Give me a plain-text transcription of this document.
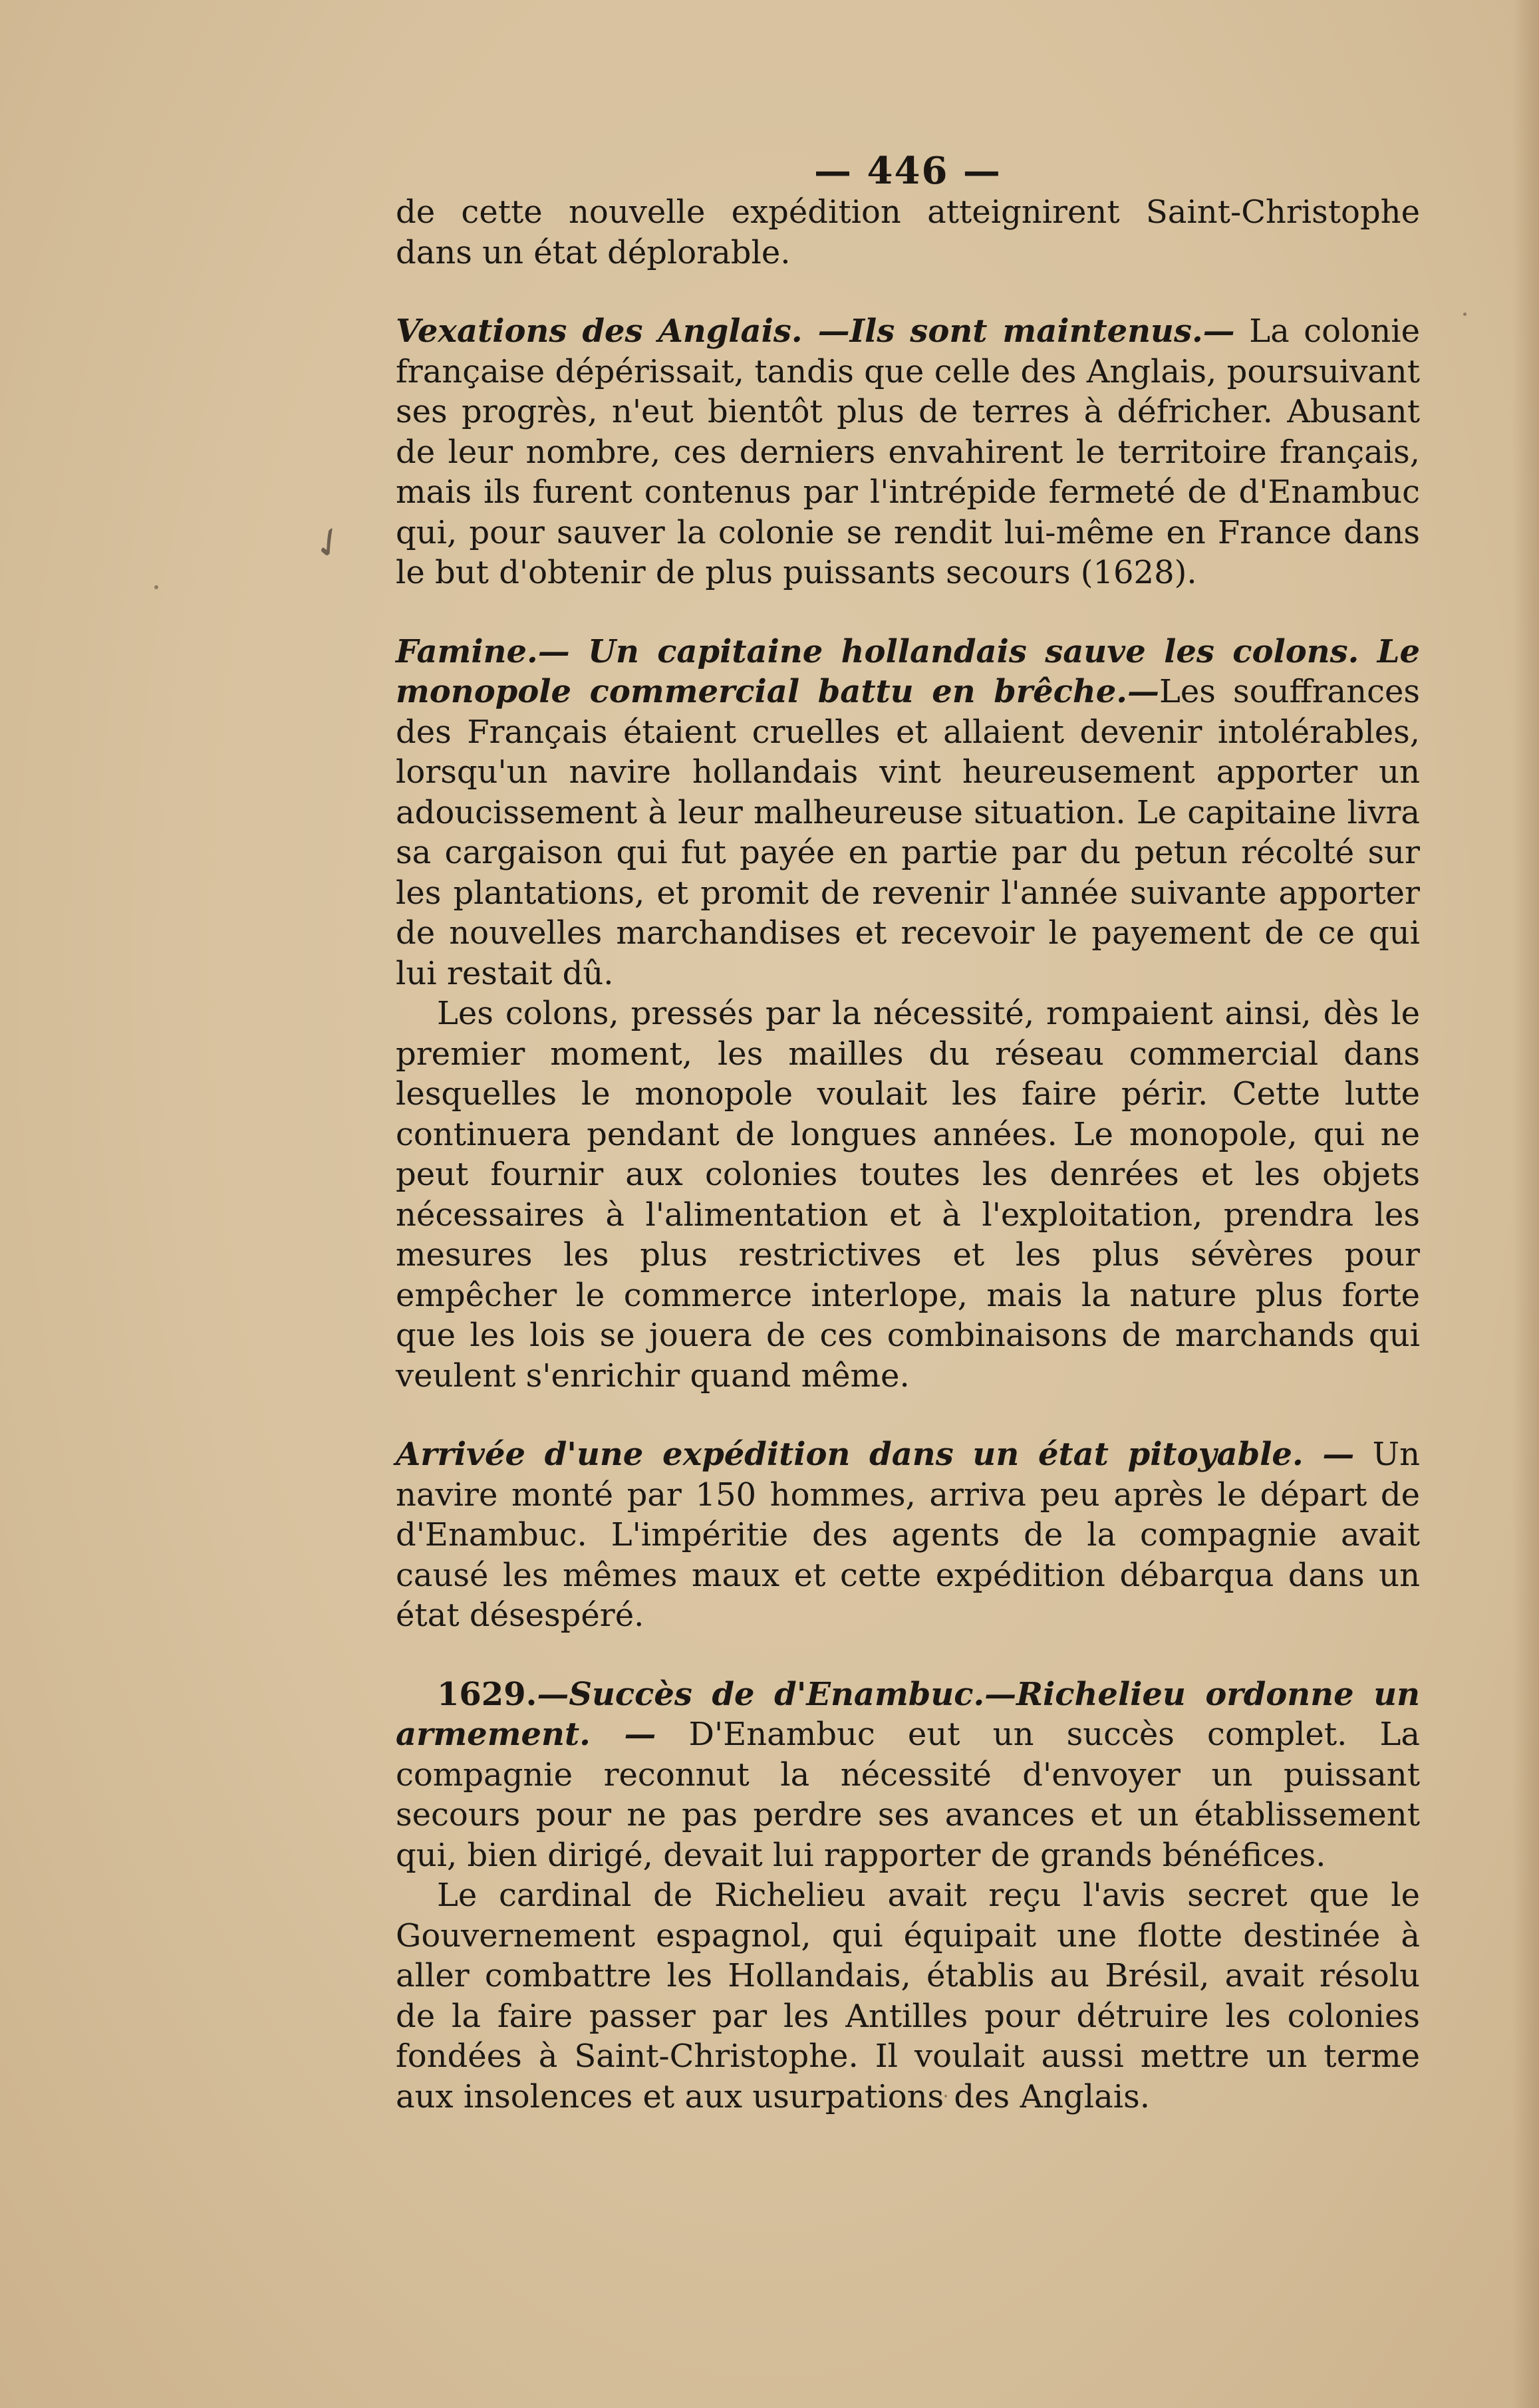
✓
— 446 —

de cette nouvelle expédition atteignirent Saint-Christophe dans un état déplorable.

Vexations des Anglais. —Ils sont maintenus.— La colonie française dépérissait, tandis que celle des Anglais, poursuivant ses progrès, n'eut bientôt plus de terres à défricher. Abusant de leur nombre, ces derniers envahirent le territoire français, mais ils furent contenus par l'intrépide fermeté de d'Enambuc qui, pour sauver la colonie se rendit lui-même en France dans le but d'obtenir de plus puissants secours (1628).

Famine.— Un capitaine hollandais sauve les colons. Le monopole commercial battu en brêche.—Les souffrances des Français étaient cruelles et allaient devenir intolérables, lorsqu'un navire hollandais vint heureusement apporter un adoucissement à leur malheureuse situation. Le capitaine livra sa cargaison qui fut payée en partie par du petun récolté sur les plantations, et promit de revenir l'année suivante apporter de nouvelles marchandises et recevoir le payement de ce qui lui restait dû.

Les colons, pressés par la nécessité, rompaient ainsi, dès le premier moment, les mailles du réseau commercial dans lesquelles le monopole voulait les faire périr. Cette lutte continuera pendant de longues années. Le monopole, qui ne peut fournir aux colonies toutes les denrées et les objets nécessaires à l'alimentation et à l'exploitation, prendra les mesures les plus restrictives et les plus sévères pour empêcher le commerce interlope, mais la nature plus forte que les lois se jouera de ces combinaisons de marchands qui veulent s'enrichir quand même.

Arrivée d'une expédition dans un état pitoyable. — Un navire monté par 150 hommes, arriva peu après le départ de d'Enambuc. L'impéritie des agents de la compagnie avait causé les mêmes maux et cette expédition débarqua dans un état désespéré.

1629.—Succès de d'Enambuc.—Richelieu ordonne un armement. — D'Enambuc eut un succès complet. La compagnie reconnut la nécessité d'envoyer un puissant secours pour ne pas perdre ses avances et un établissement qui, bien dirigé, devait lui rapporter de grands bénéfices.

Le cardinal de Richelieu avait reçu l'avis secret que le Gouvernement espagnol, qui équipait une flotte destinée à aller combattre les Hollandais, établis au Brésil, avait résolu de la faire passer par les Antilles pour détruire les colonies fondées à Saint-Christophe. Il voulait aussi mettre un terme aux insolences et aux usurpations des Anglais.
